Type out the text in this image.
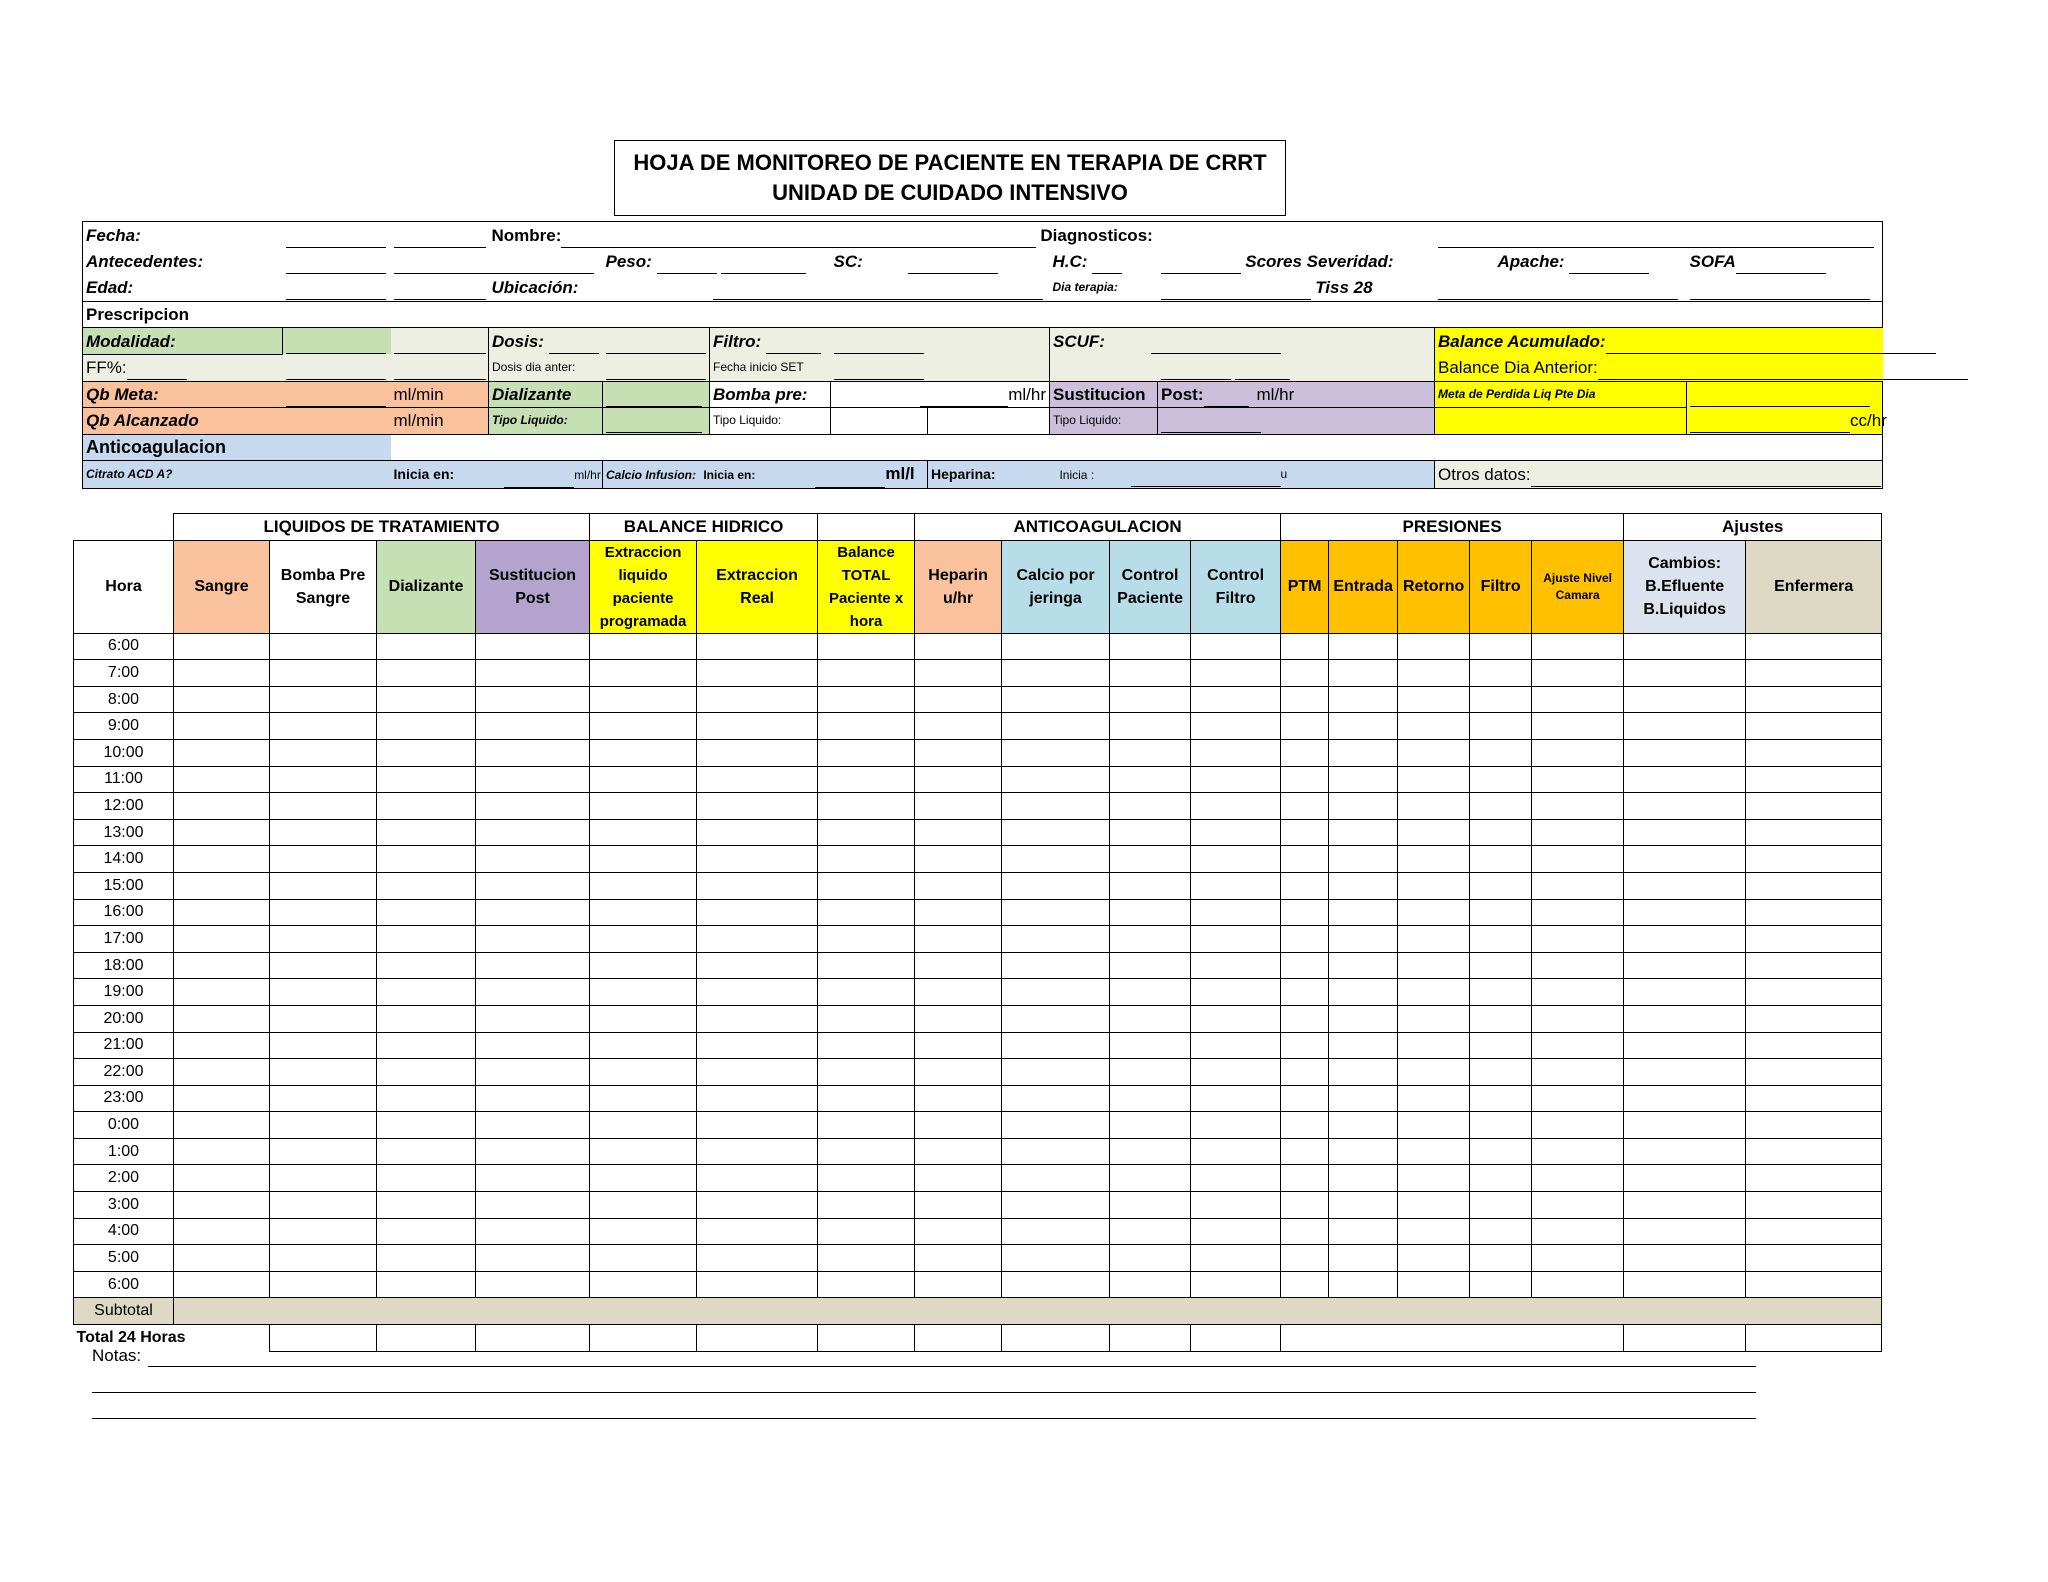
HOJA DE MONITOREO DE PACIENTE EN TERAPIA DE CRRT
UNIDAD DE CUIDADO INTENSIVO
Fecha:			Nombre: Diagnosticos:								
Antecedentes:				Peso:		SC:		H.C:	Scores Severidad:	Apache:	SOFA
Edad:			Ubicación:					Dia terapia:	Tiss 28		
Prescripcion											
Modalidad:			Dosis:		Filtro:			SCUF:		Balance Acumulado:	
FF%:			Dosis dia anter:		Fecha inicio SET					Balance Dia Anterior:	
Qb Meta:		ml/min	Dializante		Bomba pre:	ml/hr		Sustitucion	Post: ml/hr	Meta de Perdida Liq Pte Dia	
Qb Alcanzado		ml/min	Tipo Liquido:		Tipo Liquido:			Tipo Liquido:			cc/hr
Anticoagulacion											
Citrato ACD A?		Inicia en: ml/hr		Calcio Infusion: Inicia en: ml/l			Heparina: Inicia :		u	Otros datos:	
	LIQUIDOS DE TRATAMIENTO				BALANCE HIDRICO			ANTICOAGULACION				PRESIONES					Ajustes		
Hora	Sangre	Bomba Pre Sangre	Dializante	Sustitucion Post	Extraccion liquido paciente programada	Extraccion Real	Balance TOTAL Paciente x hora	Heparin u/hr	Calcio por jeringa	Control Paciente	Control Filtro	PTM	Entrada	Retorno	Filtro	Ajuste Nivel Camara	Cambios: B.Efluente B.Liquidos	Enfermera	
6:00																			
7:00																			
8:00																			
9:00																			
10:00																			
11:00																			
12:00																			
13:00																			
14:00																			
15:00																			
16:00																			
17:00																			
18:00																			
19:00																			
20:00																			
21:00																			
22:00																			
23:00																			
0:00																			
1:00																			
2:00																			
3:00																			
4:00																			
5:00																			
6:00																			
Subtotal																			
Total 24 Horas																			
Notas:
